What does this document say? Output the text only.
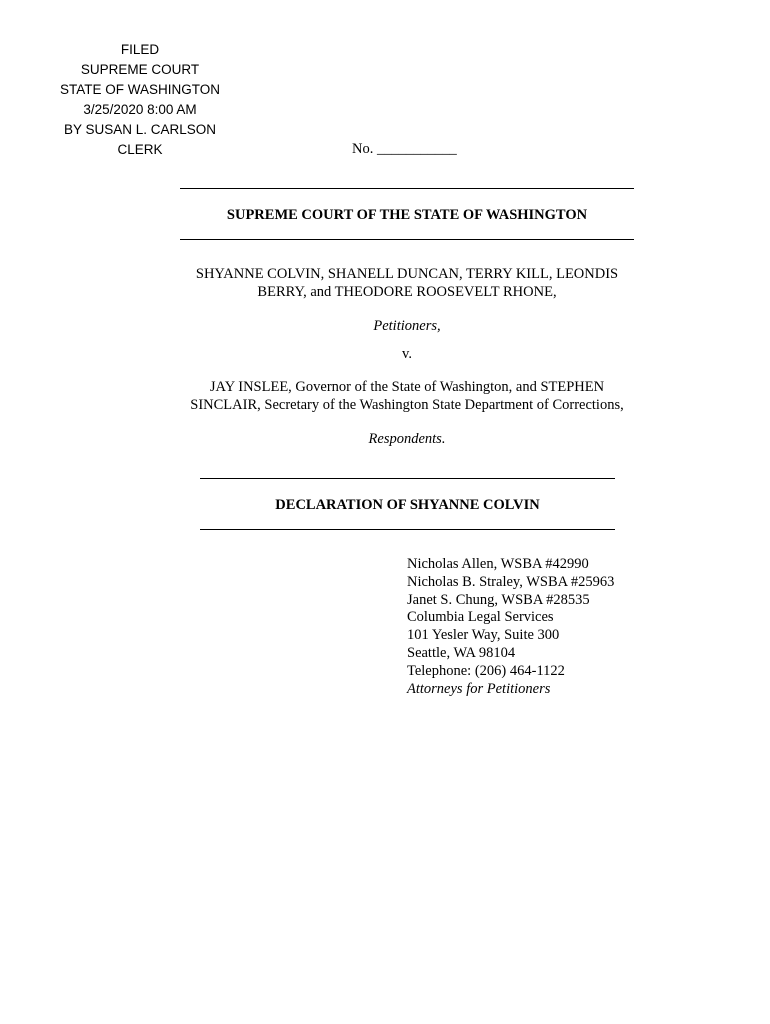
FILED
SUPREME COURT
STATE OF WASHINGTON
3/25/2020 8:00 AM
BY SUSAN L. CARLSON
CLERK	No. ___________
SUPREME COURT OF THE STATE OF WASHINGTON
SHYANNE COLVIN, SHANELL DUNCAN, TERRY KILL, LEONDIS
BERRY, and THEODORE ROOSEVELT RHONE,
Petitioners,
v.
JAY INSLEE, Governor of the State of Washington, and STEPHEN
SINCLAIR, Secretary of the Washington State Department of Corrections,
Respondents.
DECLARATION OF SHYANNE COLVIN
Nicholas Allen, WSBA #42990
Nicholas B. Straley, WSBA #25963
Janet S. Chung, WSBA #28535
Columbia Legal Services
101 Yesler Way, Suite 300
Seattle, WA 98104
Telephone: (206) 464-1122
Attorneys for Petitioners
